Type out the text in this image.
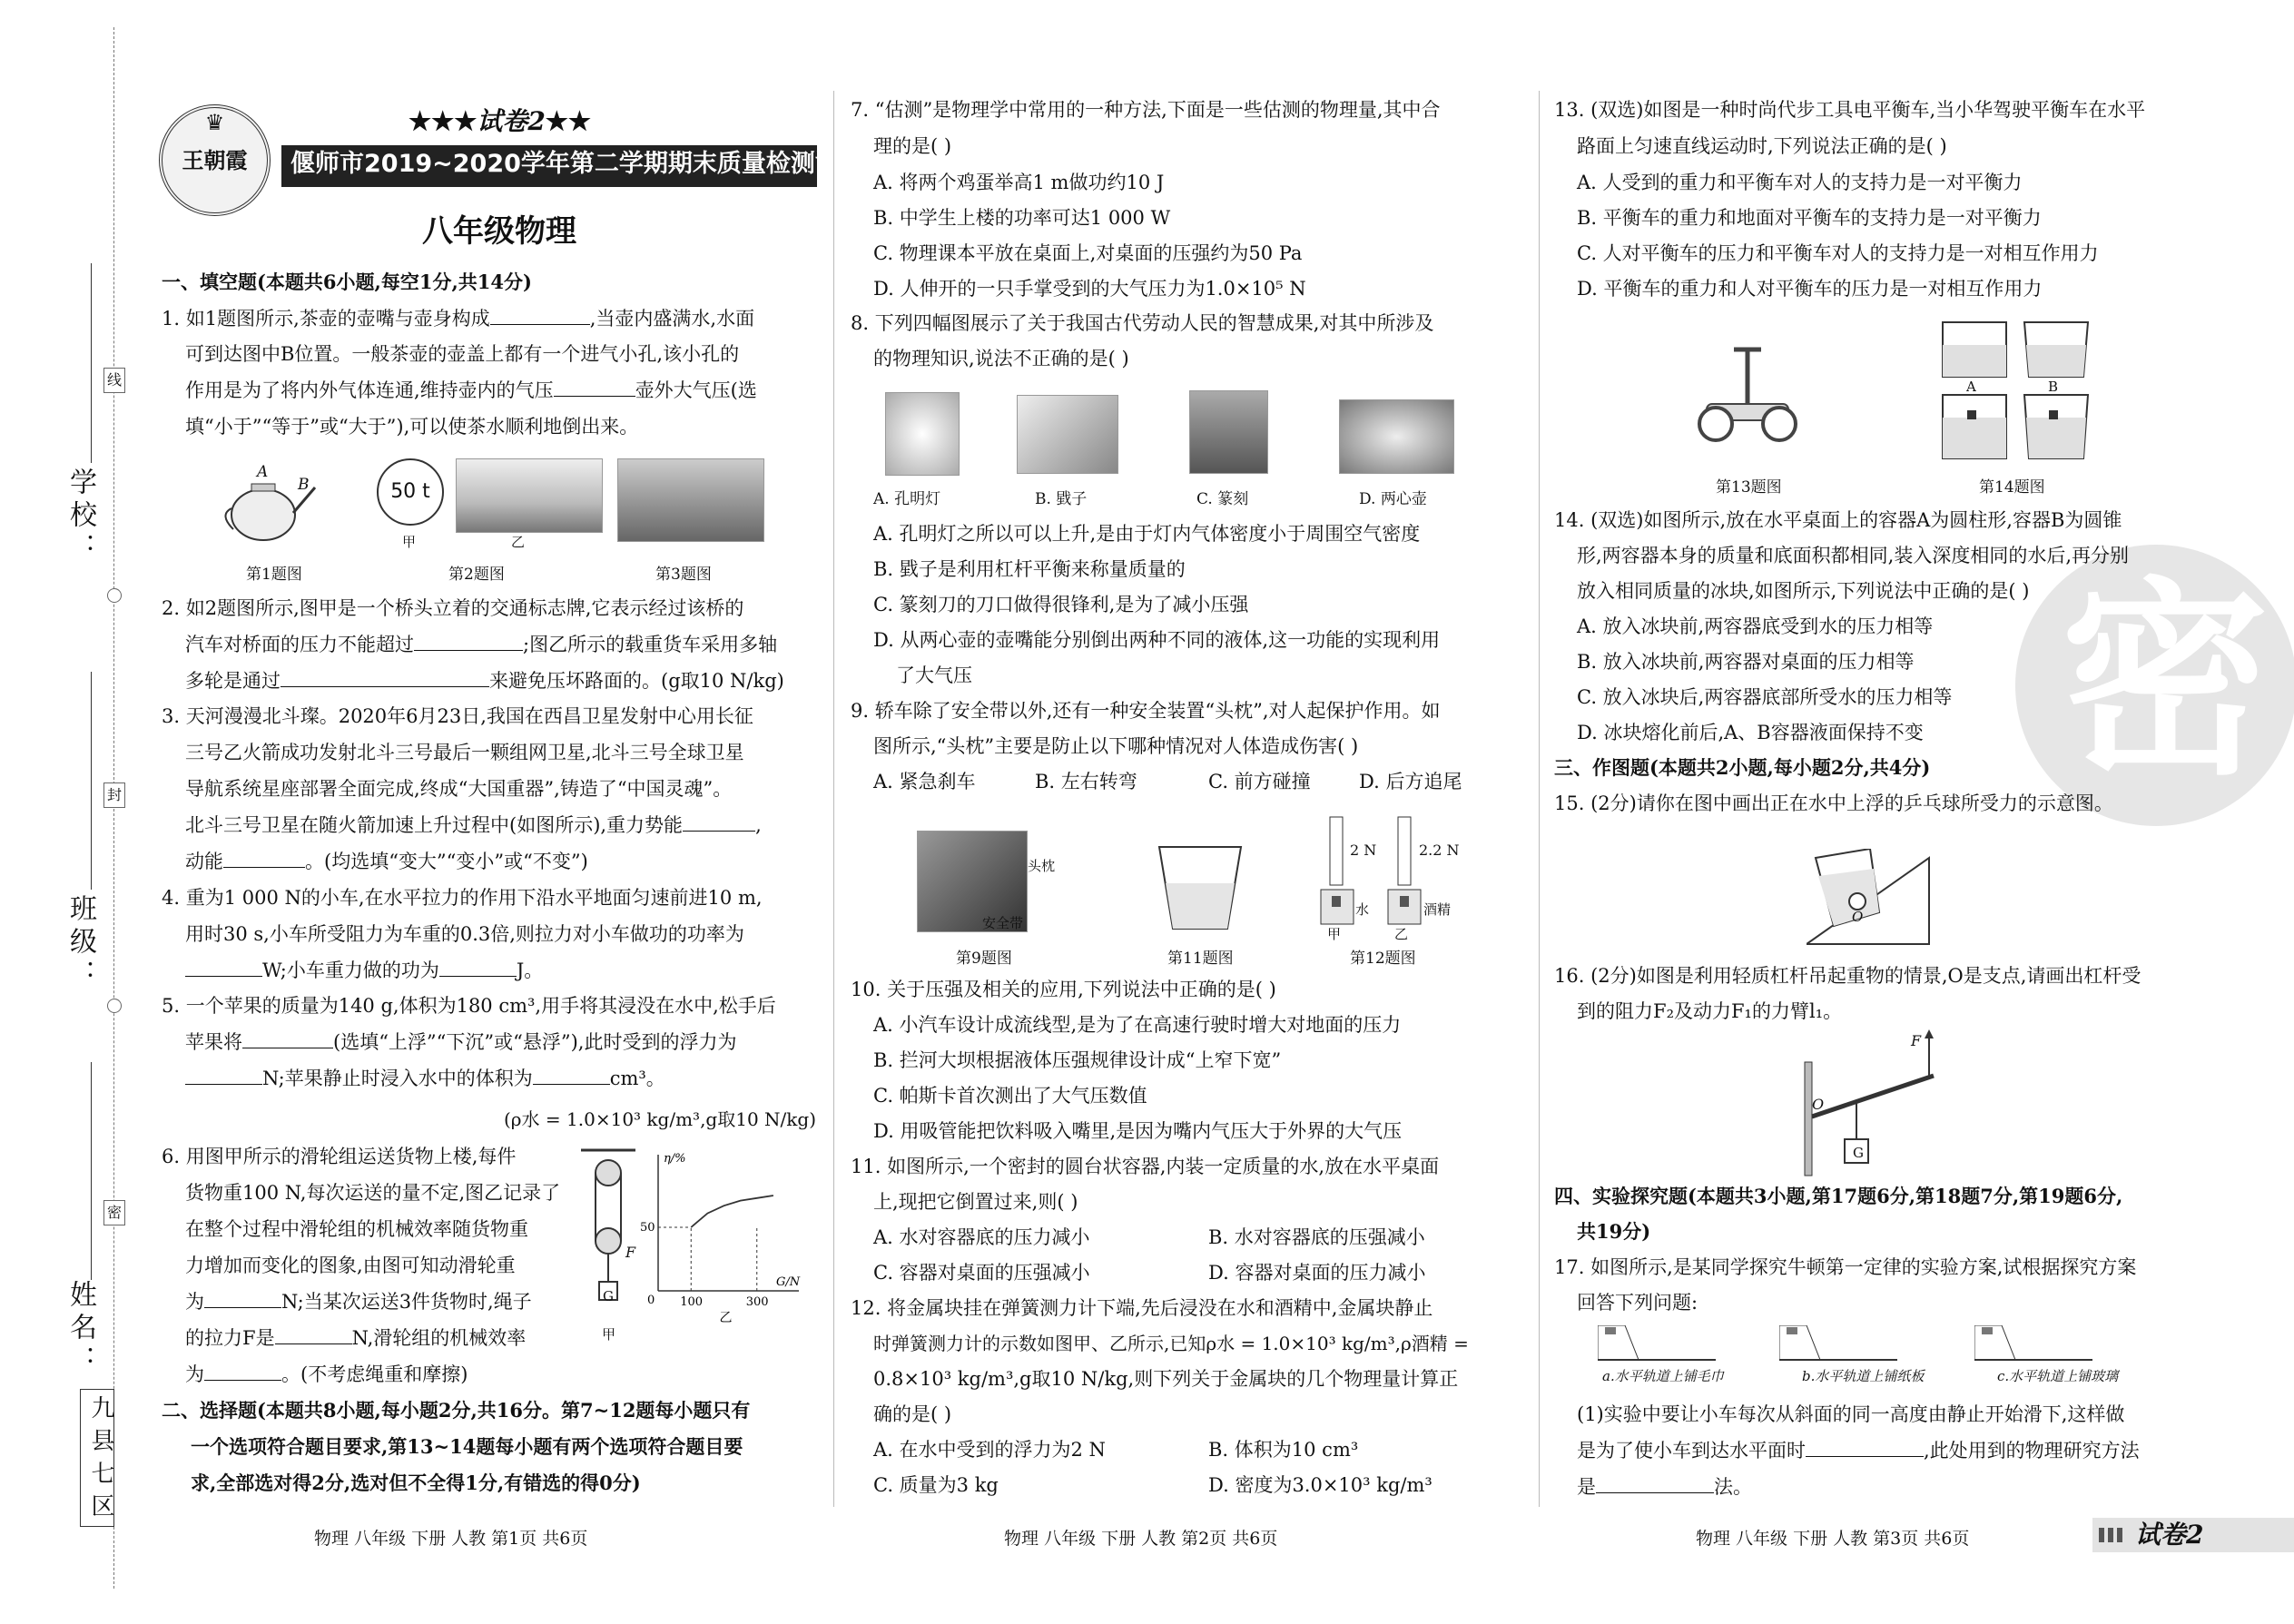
学校：
班级：
姓名：
线
封
密
九县七区
♛
王朝霞
★★★试卷2★★
偃师市2019~2020学年第二学期期末质量检测试卷
八年级物理
一、填空题(本题共6小题,每空1分,共14分)
1. 如1题图所示,茶壶的壶嘴与壶身构成	,当壶内盛满水,水面
可到达图中B位置。一般茶壶的壶盖上都有一个进气小孔,该小孔的
作用是为了将内外气体连通,维持壶内的气压	壶外大气压(选
填“小于”“等于”或“大于”),可以使茶水顺利地倒出来。
A
B	50 t
甲	乙
第1题图	第2题图	第3题图
2. 如2题图所示,图甲是一个桥头立着的交通标志牌,它表示经过该桥的
汽车对桥面的压力不能超过	;图乙所示的载重货车采用多轴
多轮是通过	来避免压坏路面的。(g取10 N/kg)
3. 天河漫漫北斗璨。2020年6月23日,我国在西昌卫星发射中心用长征
三号乙火箭成功发射北斗三号最后一颗组网卫星,北斗三号全球卫星
导航系统星座部署全面完成,终成“大国重器”,铸造了“中国灵魂”。
北斗三号卫星在随火箭加速上升过程中(如图所示),重力势能	,
动能	。(均选填“变大”“变小”或“不变”)
4. 重为1 000 N的小车,在水平拉力的作用下沿水平地面匀速前进10 m,
用时30 s,小车所受阻力为车重的0.3倍,则拉力对小车做功的功率为
W;小车重力做的功为	J。
5. 一个苹果的质量为140 g,体积为180 cm³,用手将其浸没在水中,松手后
苹果将	(选填“上浮”“下沉”或“悬浮”),此时受到的浮力为
N;苹果静止时浸入水中的体积为	cm³。
(ρ水 = 1.0×10³ kg/m³,g取10 N/kg)
6. 用图甲所示的滑轮组运送货物上楼,每件
货物重100 N,每次运送的量不定,图乙记录了
在整个过程中滑轮组的机械效率随货物重
力增加而变化的图象,由图可知动滑轮重
为	N;当某次运送3件货物时,绳子
的拉力F是	N,滑轮组的机械效率
为	。(不考虑绳重和摩擦)
F
G
甲
G/N
η/%
0 100	300
50
乙
二、选择题(本题共8小题,每小题2分,共16分。第7~12题每小题只有
一个选项符合题目要求,第13~14题每小题有两个选项符合题目要
求,全部选对得2分,选对但不全得1分,有错选的得0分)
物理 八年级 下册 人教 第1页 共6页
7. “估测”是物理学中常用的一种方法,下面是一些估测的物理量,其中合
理的是( )
A. 将两个鸡蛋举高1 m做功约10 J
B. 中学生上楼的功率可达1 000 W
C. 物理课本平放在桌面上,对桌面的压强约为50 Pa
D. 人伸开的一只手掌受到的大气压力为1.0×10⁵ N
8. 下列四幅图展示了关于我国古代劳动人民的智慧成果,对其中所涉及
的物理知识,说法不正确的是( )
A. 孔明灯	B. 戥子	C. 篆刻	D. 两心壶
A. 孔明灯之所以可以上升,是由于灯内气体密度小于周围空气密度
B. 戥子是利用杠杆平衡来称量质量的
C. 篆刻刀的刀口做得很锋利,是为了减小压强
D. 从两心壶的壶嘴能分别倒出两种不同的液体,这一功能的实现利用
了大气压
9. 轿车除了安全带以外,还有一种安全装置“头枕”,对人起保护作用。如
图所示,“头枕”主要是防止以下哪种情况对人体造成伤害( )
A. 紧急刹车	B. 左右转弯	C. 前方碰撞	D. 后方追尾
头枕
安全带
2 N	2.2 N
水	酒精
甲	乙
第9题图	第11题图	第12题图
10. 关于压强及相关的应用,下列说法中正确的是( )
A. 小汽车设计成流线型,是为了在高速行驶时增大对地面的压力
B. 拦河大坝根据液体压强规律设计成“上窄下宽”
C. 帕斯卡首次测出了大气压数值
D. 用吸管能把饮料吸入嘴里,是因为嘴内气压大于外界的大气压
11. 如图所示,一个密封的圆台状容器,内装一定质量的水,放在水平桌面
上,现把它倒置过来,则( )
A. 水对容器底的压力减小	B. 水对容器底的压强减小
C. 容器对桌面的压强减小	D. 容器对桌面的压力减小
12. 将金属块挂在弹簧测力计下端,先后浸没在水和酒精中,金属块静止
时弹簧测力计的示数如图甲、乙所示,已知ρ水 = 1.0×10³ kg/m³,ρ酒精 =
0.8×10³ kg/m³,g取10 N/kg,则下列关于金属块的几个物理量计算正
确的是( )
A. 在水中受到的浮力为2 N	B. 体积为10 cm³
C. 质量为3 kg	D. 密度为3.0×10³ kg/m³
物理 八年级 下册 人教 第2页 共6页
密
13. (双选)如图是一种时尚代步工具电平衡车,当小华驾驶平衡车在水平
路面上匀速直线运动时,下列说法正确的是( )
A. 人受到的重力和平衡车对人的支持力是一对平衡力
B. 平衡车的重力和地面对平衡车的支持力是一对平衡力
C. 人对平衡车的压力和平衡车对人的支持力是一对相互作用力
D. 平衡车的重力和人对平衡车的压力是一对相互作用力
A	B
第13题图	第14题图
14. (双选)如图所示,放在水平桌面上的容器A为圆柱形,容器B为圆锥
形,两容器本身的质量和底面积都相同,装入深度相同的水后,再分别
放入相同质量的冰块,如图所示,下列说法中正确的是( )
A. 放入冰块前,两容器底受到水的压力相等
B. 放入冰块前,两容器对桌面的压力相等
C. 放入冰块后,两容器底部所受水的压力相等
D. 冰块熔化前后,A、B容器液面保持不变
三、作图题(本题共2小题,每小题2分,共4分)
15. (2分)请你在图中画出正在水中上浮的乒乓球所受力的示意图。
O
16. (2分)如图是利用轻质杠杆吊起重物的情景,O是支点,请画出杠杆受
到的阻力F₂及动力F₁的力臂l₁。
F
O
G
四、实验探究题(本题共3小题,第17题6分,第18题7分,第19题6分,
共19分)
17. 如图所示,是某同学探究牛顿第一定律的实验方案,试根据探究方案
回答下列问题:
a.水平轨道上铺毛巾	b.水平轨道上铺纸板	c.水平轨道上铺玻璃
(1)实验中要让小车每次从斜面的同一高度由静止开始滑下,这样做
是为了使小车到达水平面时	,此处用到的物理研究方法
是	法。
物理 八年级 下册 人教 第3页 共6页	试卷2
